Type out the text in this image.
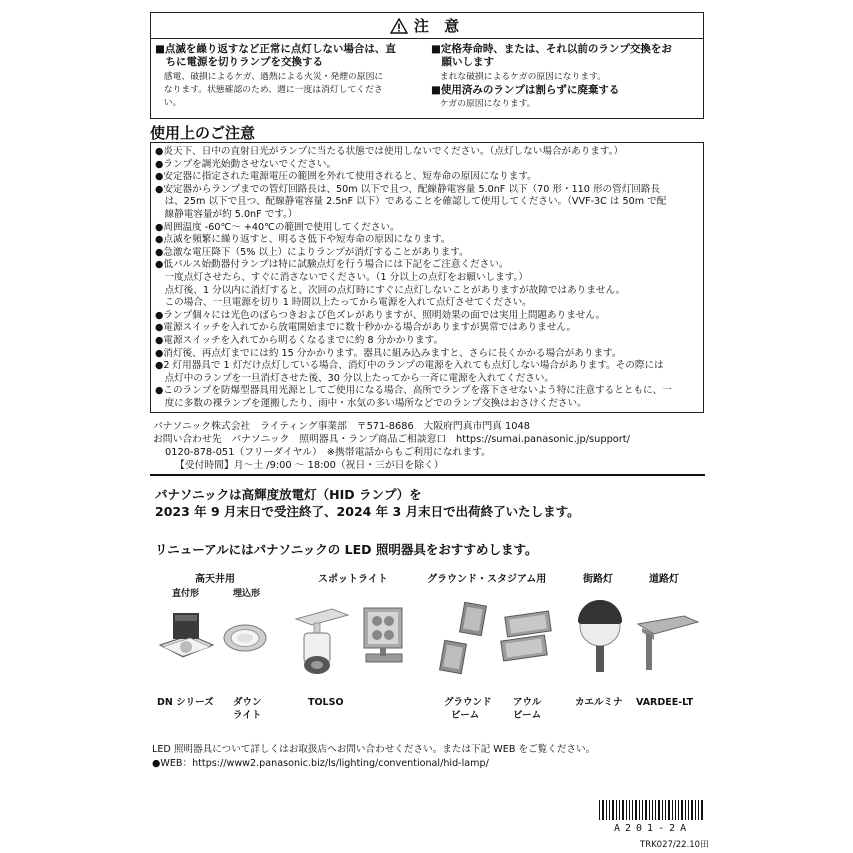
注 意
■点滅を繰り返すなど正常に点灯しない場合は、直
　ちに電源を切りランプを交換する
　感電、破損によるケガ、過熱による火災・発煙の原因に
　なります。状態確認のため、週に一度は消灯してくださ
　い。
■定格寿命時、または、それ以前のランプ交換をお
　願いします
　まれな破損によるケガの原因になります。
■使用済みのランプは割らずに廃棄する
　ケガの原因になります。
使用上のご注意
●炎天下、日中の直射日光がランプに当たる状態では使用しないでください。（点灯しない場合があります。）
●ランプを調光始動させないでください。
●安定器に指定された電源電圧の範囲を外れて使用されると、短寿命の原因になります。
●安定器からランプまでの管灯回路長は、50m 以下で且つ、配線静電容量 5.0nF 以下（70 形・110 形の管灯回路長
　は、25m 以下で且つ、配線静電容量 2.5nF 以下）であることを確認して使用してください。（VVF-3C は 50m で配
　線静電容量が約 5.0nF です。）
●周囲温度 -60℃～ +40℃の範囲で使用してください。
●点滅を頻繁に繰り返すと、明るさ低下や短寿命の原因になります。
●急激な電圧降下（5% 以上）によりランプが消灯することがあります。
●低パルス始動器付ランプは特に試験点灯を行う場合には下記をご注意ください。
　一度点灯させたら、すぐに消さないでください。（1 分以上の点灯をお願いします。）
　点灯後、1 分以内に消灯すると、次回の点灯時にすぐに点灯しないことがありますが故障ではありません。
　この場合、一旦電源を切り 1 時間以上たってから電源を入れて点灯させてください。
●ランプ個々には光色のばらつきおよび色ズレがありますが、照明効果の面では実用上問題ありません。
●電源スイッチを入れてから放電開始までに数十秒かかる場合がありますが異常ではありません。
●電源スイッチを入れてから明るくなるまでに約 8 分かかります。
●消灯後、再点灯までには約 15 分かかります。器具に組み込みますと、さらに長くかかる場合があります。
●2 灯用器具で 1 灯だけ点灯している場合、消灯中のランプの電源を入れても点灯しない場合があります。その際には
　点灯中のランプを一旦消灯させた後、30 分以上たってから一斉に電源を入れてください。
●このランプを防爆型器具用光源としてご使用になる場合、高所でランプを落下させないよう特に注意するとともに、一
　度に多数の裸ランプを運搬したり、雨中・水気の多い場所などでのランプ交換はおさけください。
パナソニック株式会社　ライティング事業部　〒571-8686　大阪府門真市門真 1048
お問い合わせ先　パナソニック　照明器具・ランプ商品ご相談窓口　https://sumai.panasonic.jp/support/
0120-878-051（フリーダイヤル）　※携帯電話からもご利用になれます。
【受付時間】月～土 /9:00 ～ 18:00（祝日・三が日を除く）
パナソニックは高輝度放電灯（HID ランプ）を
2023 年 9 月末日で受注終了、2024 年 3 月末日で出荷終了いたします。
リニューアルにはパナソニックの LED 照明器具をおすすめします。
高天井用
直付形	埋込形
スポットライト	グラウンド・スタジアム用	街路灯	道路灯
DN シリーズ ダウン
ライト
TOLSO	グラウンド
ビーム
アウル
ビーム
カエルミナ VARDEE-LT
LED 照明器具について詳しくはお取扱店へお問い合わせください。または下記 WEB をご覧ください。
●WEB：https://www2.panasonic.biz/ls/lighting/conventional/hid-lamp/
A201-2A
TRK027/22.10田
